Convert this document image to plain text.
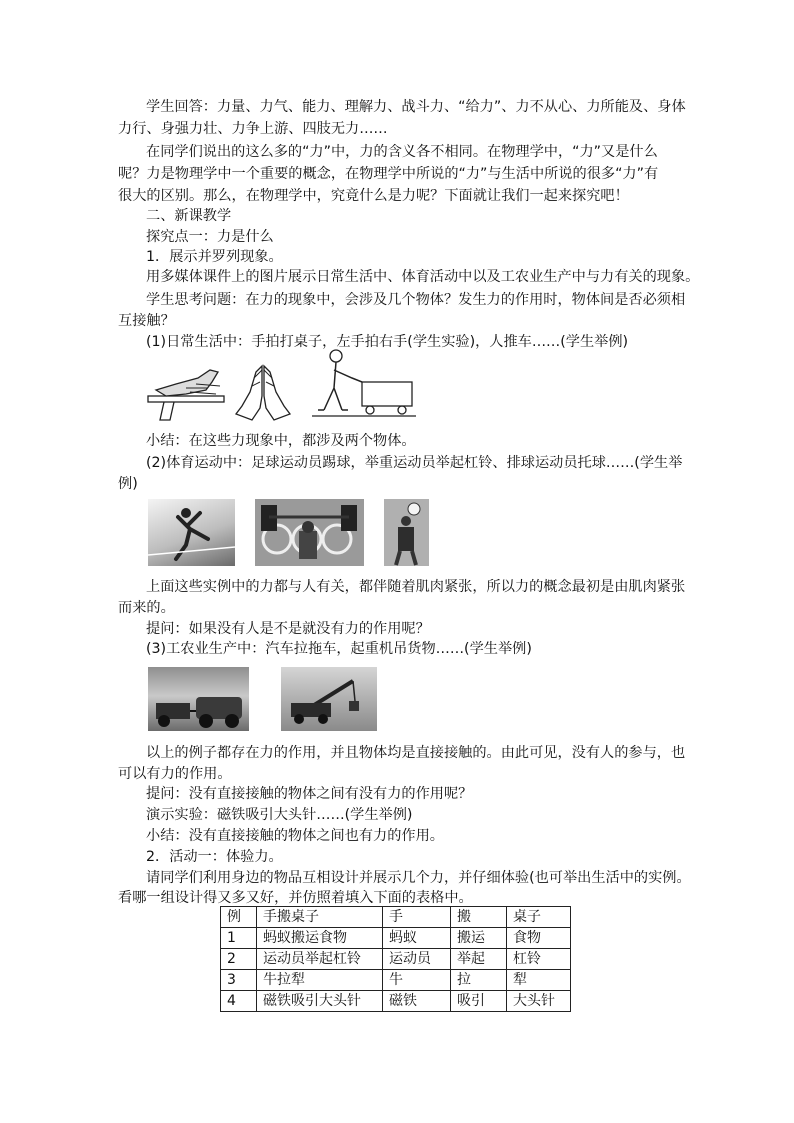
学生回答：力量、力气、能力、理解力、战斗力、“给力”、力不从心、力所能及、身体
力行、身强力壮、力争上游、四肢无力……
在同学们说出的这么多的“力”中，力的含义各不相同。在物理学中，“力”又是什么
呢？力是物理学中一个重要的概念，在物理学中所说的“力”与生活中所说的很多“力”有
很大的区别。那么，在物理学中，究竟什么是力呢？下面就让我们一起来探究吧！
二、新课教学
探究点一：力是什么
1．展示并罗列现象。
用多媒体课件上的图片展示日常生活中、体育活动中以及工农业生产中与力有关的现象。
学生思考问题：在力的现象中，会涉及几个物体？发生力的作用时，物体间是否必须相
互接触？
(1)日常生活中：手拍打桌子，左手拍右手(学生实验)，人推车……(学生举例)
小结：在这些力现象中，都涉及两个物体。
(2)体育运动中：足球运动员踢球，举重运动员举起杠铃、排球运动员托球……(学生举
例)
上面这些实例中的力都与人有关，都伴随着肌肉紧张，所以力的概念最初是由肌肉紧张
而来的。
提问：如果没有人是不是就没有力的作用呢？
(3)工农业生产中：汽车拉拖车，起重机吊货物……(学生举例)
以上的例子都存在力的作用，并且物体均是直接接触的。由此可见，没有人的参与，也
可以有力的作用。
提问：没有直接接触的物体之间有没有力的作用呢？
演示实验：磁铁吸引大头针……(学生举例)
小结：没有直接接触的物体之间也有力的作用。
2．活动一：体验力。
请同学们利用身边的物品互相设计并展示几个力，并仔细体验(也可举出生活中的实例。
看哪一组设计得又多又好，并仿照着填入下面的表格中。
例	手搬桌子	手	搬	桌子
1	蚂蚁搬运食物	蚂蚁	搬运	食物
2	运动员举起杠铃	运动员	举起	杠铃
3	牛拉犁	牛	拉	犁
4	磁铁吸引大头针	磁铁	吸引	大头针
